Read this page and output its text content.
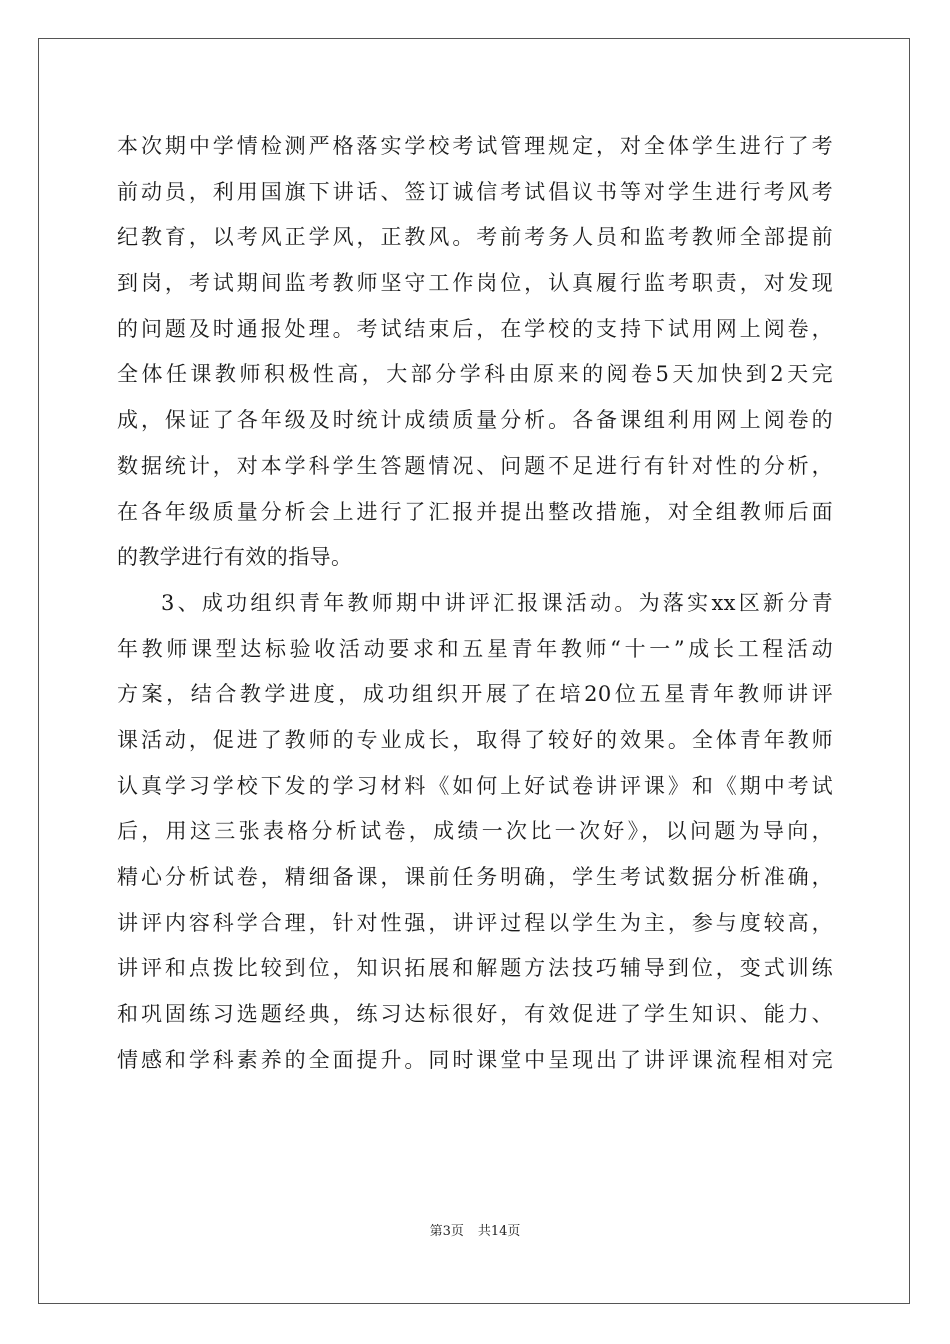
本次期中学情检测严格落实学校考试管理规定，对全体学生进行了考
前动员，利用国旗下讲话、签订诚信考试倡议书等对学生进行考风考
纪教育，以考风正学风，正教风。考前考务人员和监考教师全部提前
到岗，考试期间监考教师坚守工作岗位，认真履行监考职责，对发现
的问题及时通报处理。考试结束后，在学校的支持下试用网上阅卷，
全体任课教师积极性高，大部分学科由原来的阅卷5天加快到2天完
成，保证了各年级及时统计成绩质量分析。各备课组利用网上阅卷的
数据统计，对本学科学生答题情况、问题不足进行有针对性的分析，
在各年级质量分析会上进行了汇报并提出整改措施，对全组教师后面
的教学进行有效的指导。
3、成功组织青年教师期中讲评汇报课活动。为落实xx区新分青
年教师课型达标验收活动要求和五星青年教师“十一”成长工程活动
方案，结合教学进度，成功组织开展了在培20位五星青年教师讲评
课活动，促进了教师的专业成长，取得了较好的效果。全体青年教师
认真学习学校下发的学习材料《如何上好试卷讲评课》和《期中考试
后，用这三张表格分析试卷，成绩一次比一次好》，以问题为导向，
精心分析试卷，精细备课，课前任务明确，学生考试数据分析准确，
讲评内容科学合理，针对性强，讲评过程以学生为主，参与度较高，
讲评和点拨比较到位，知识拓展和解题方法技巧辅导到位，变式训练
和巩固练习选题经典，练习达标很好，有效促进了学生知识、能力、
情感和学科素养的全面提升。同时课堂中呈现出了讲评课流程相对完
第3页 共14页
